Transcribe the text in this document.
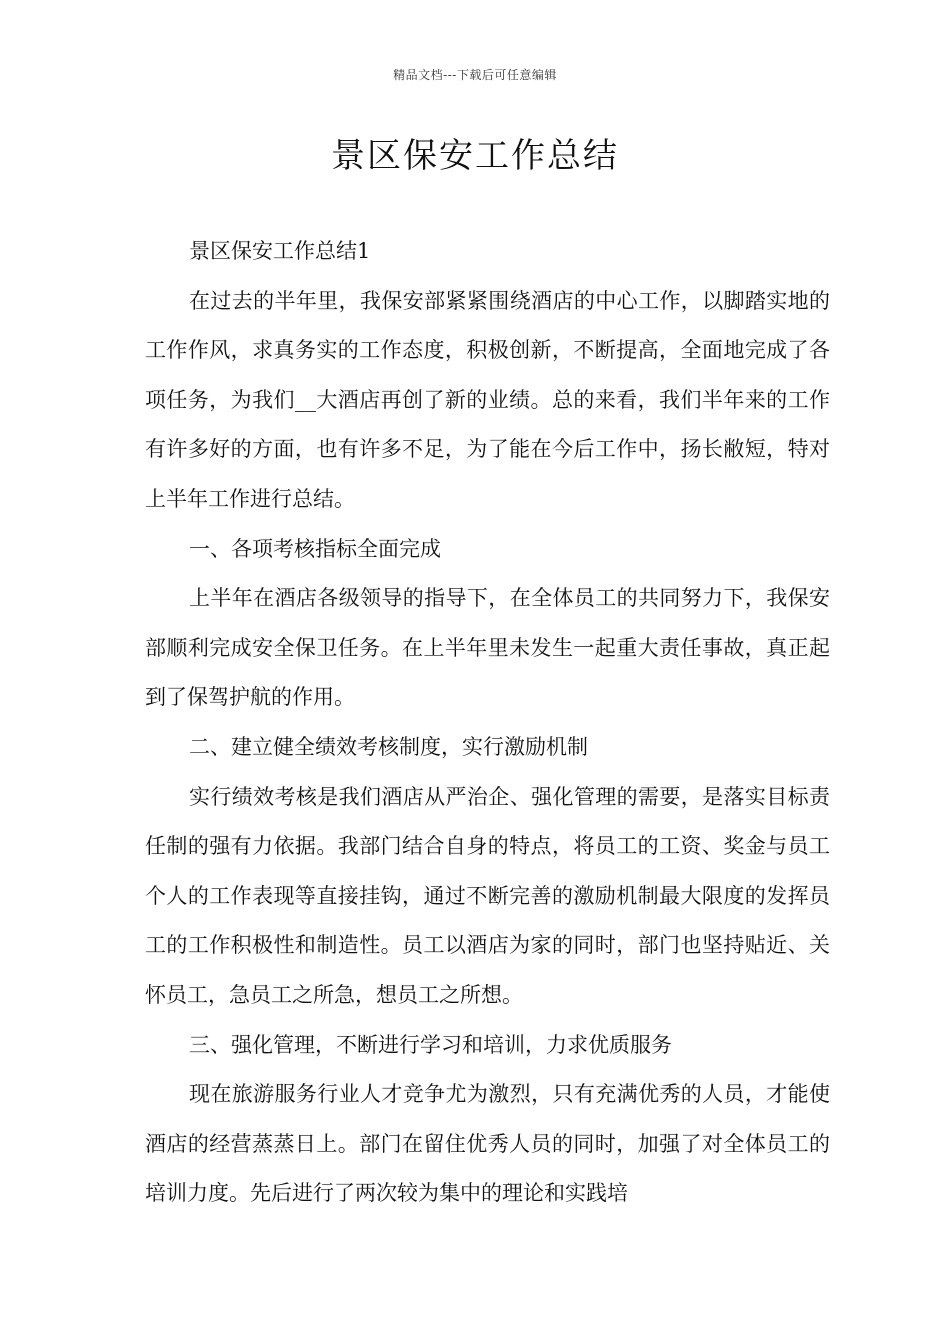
精品文档---下载后可任意编辑
景区保安工作总结

景区保安工作总结1

在过去的半年里，我保安部紧紧围绕酒店的中心工作，以脚踏实地的工作作风，求真务实的工作态度，积极创新，不断提高，全面地完成了各项任务，为我们__大酒店再创了新的业绩。总的来看，我们半年来的工作有许多好的方面，也有许多不足，为了能在今后工作中，扬长敝短，特对上半年工作进行总结。

一、各项考核指标全面完成

上半年在酒店各级领导的指导下，在全体员工的共同努力下，我保安部顺利完成安全保卫任务。在上半年里未发生一起重大责任事故，真正起到了保驾护航的作用。

二、建立健全绩效考核制度，实行激励机制

实行绩效考核是我们酒店从严治企、强化管理的需要，是落实目标责任制的强有力依据。我部门结合自身的特点，将员工的工资、奖金与员工个人的工作表现等直接挂钩，通过不断完善的激励机制最大限度的发挥员工的工作积极性和制造性。员工以酒店为家的同时，部门也坚持贴近、关怀员工，急员工之所急，想员工之所想。

三、强化管理，不断进行学习和培训，力求优质服务

现在旅游服务行业人才竞争尤为激烈，只有充满优秀的人员，才能使酒店的经营蒸蒸日上。部门在留住优秀人员的同时，加强了对全体员工的培训力度。先后进行了两次较为集中的理论和实践培
